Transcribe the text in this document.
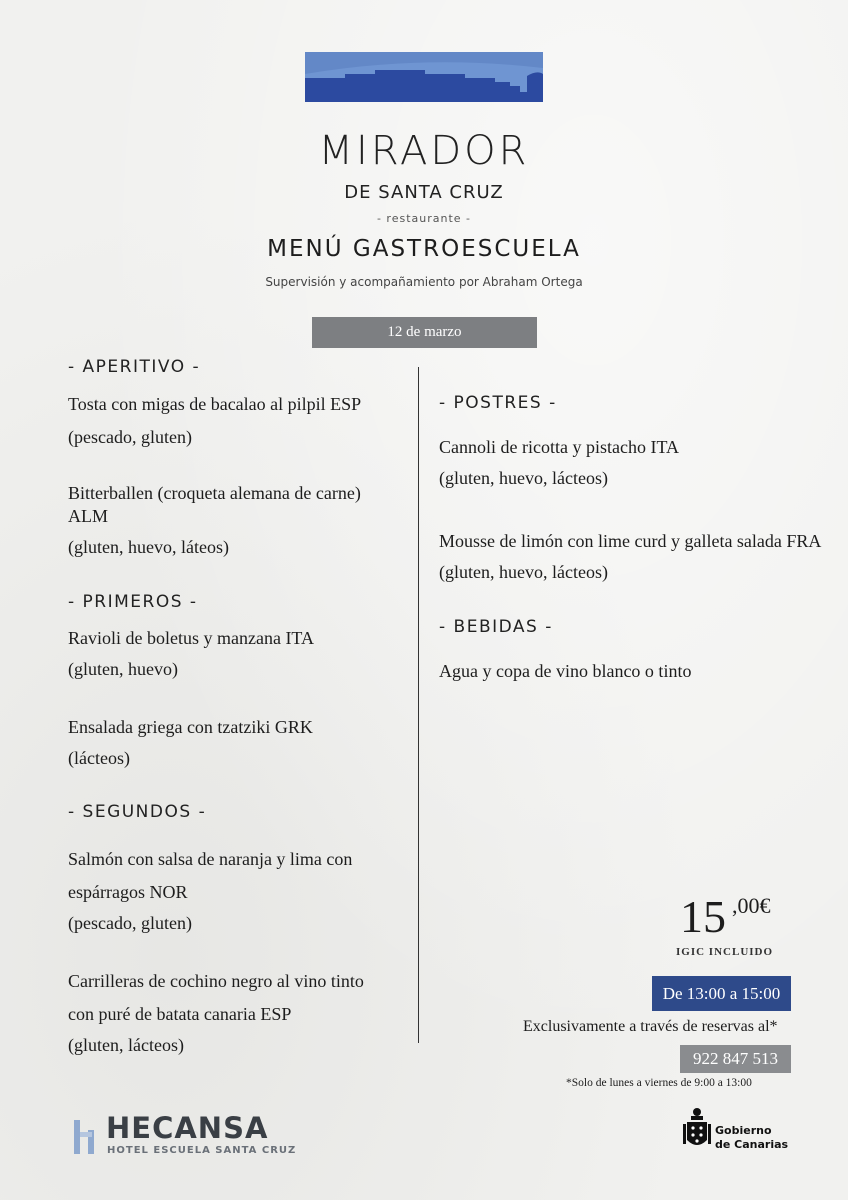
MIRADOR
DE SANTA CRUZ
- restaurante -
MENÚ GASTROESCUELA
Supervisión y acompañamiento por Abraham Ortega
12 de marzo
- APERITIVO -
Tosta con migas de bacalao al pilpil ESP
(pescado, gluten)
Bitterballen (croqueta alemana de carne)
ALM
(gluten, huevo, láteos)
- PRIMEROS -
Ravioli de boletus y manzana ITA
(gluten, huevo)
Ensalada griega con tzatziki GRK
(lácteos)
- SEGUNDOS -
Salmón con salsa de naranja y lima con
espárragos NOR
(pescado, gluten)
Carrilleras de cochino negro al vino tinto
con puré de batata canaria ESP
(gluten, lácteos)
- POSTRES -
Cannoli de ricotta y pistacho ITA
(gluten, huevo, lácteos)
Mousse de limón con lime curd y galleta salada FRA
(gluten, huevo, lácteos)
- BEBIDAS -
Agua y copa de vino blanco o tinto
15 ,00€
IGIC INCLUIDO
De 13:00 a 15:00
Exclusivamente a través de reservas al*
922 847 513
*Solo de lunes a viernes de 9:00 a 13:00
HECANSA
HOTEL ESCUELA SANTA CRUZ
Gobierno
de Canarias
